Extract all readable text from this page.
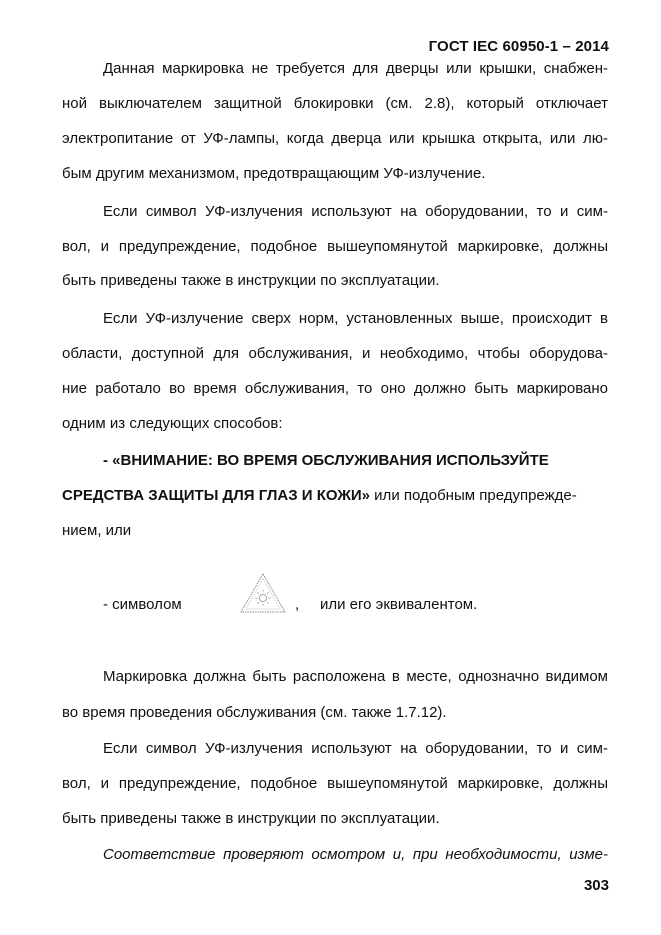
ГОСТ IEC 60950-1 – 2014
Данная маркировка не требуется для дверцы или крышки, снабжен-
ной выключателем защитной блокировки (см. 2.8), который отключает
электропитание от УФ-лампы, когда дверца или крышка открыта, или лю-
бым другим механизмом, предотвращающим УФ-излучение.
Если символ УФ-излучения используют на оборудовании, то и сим-
вол, и предупреждение, подобное вышеупомянутой маркировке, должны
быть приведены также в инструкции по эксплуатации.
Если УФ-излучение сверх норм, установленных выше, происходит в
области, доступной для обслуживания, и необходимо, чтобы оборудова-
ние работало во время обслуживания, то оно должно быть маркировано
одним из следующих способов:
- «ВНИМАНИЕ: ВО ВРЕМЯ ОБСЛУЖИВАНИЯ ИСПОЛЬЗУЙТЕ
СРЕДСТВА ЗАЩИТЫ ДЛЯ ГЛАЗ И КОЖИ» или подобным предупрежде-
нием, или
- символом	, или его эквивалентом.
Маркировка должна быть расположена в месте, однозначно видимом
во время проведения обслуживания (см. также 1.7.12).
Если символ УФ-излучения используют на оборудовании, то и сим-
вол, и предупреждение, подобное вышеупомянутой маркировке, должны
быть приведены также в инструкции по эксплуатации.
Соответствие проверяют осмотром и, при необходимости, изме-
303
